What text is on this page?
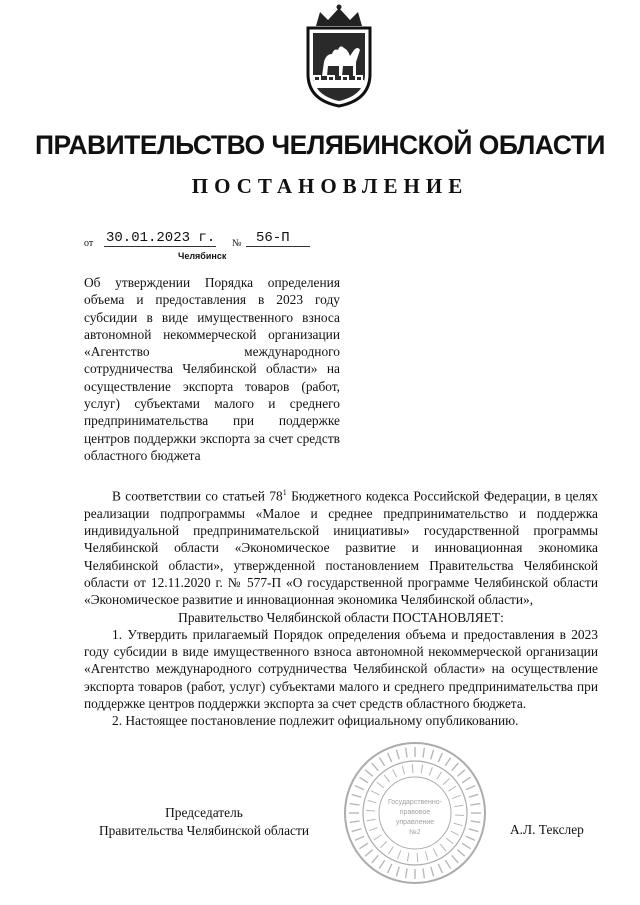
ПРАВИТЕЛЬСТВО ЧЕЛЯБИНСКОЙ ОБЛАСТИ
ПОСТАНОВЛЕНИЕ
от 30.01.2023 г. № 56-П
Челябинск
Об утверждении Порядка определения объема и предоставления в 2023 году субсидии в виде имущественного взноса автономной некоммерческой организации «Агентство международного сотрудничества Челябинской области» на осуществление экспорта товаров (работ, услуг) субъектами малого и среднего предпринимательства при поддержке центров поддержки экспорта за счет средств областного бюджета

В соответствии со статьей $78^1$ Бюджетного кодекса Российской Федерации, в целях реализации подпрограммы «Малое и среднее предпринимательство и поддержка индивидуальной предпринимательской инициативы» государственной программы Челябинской области «Экономическое развитие и инновационная экономика Челябинской области», утвержденной постановлением Правительства Челябинской области от 12.11.2020 г. № 577-П «О государственной программе Челябинской области «Экономическое развитие и инновационная экономика Челябинской области»,

Правительство Челябинской области ПОСТАНОВЛЯЕТ:

1. Утвердить прилагаемый Порядок определения объема и предоставления в 2023 году субсидии в виде имущественного взноса автономной некоммерческой организации «Агентство международного сотрудничества Челябинской области» на осуществление экспорта товаров (работ, услуг) субъектами малого и среднего предпринимательства при поддержке центров поддержки экспорта за счет средств областного бюджета.

2. Настоящее постановление подлежит официальному опубликованию.

Государственно-
правовое
управление
№2
Председатель
Правительства Челябинской области	А.Л. Текслер
